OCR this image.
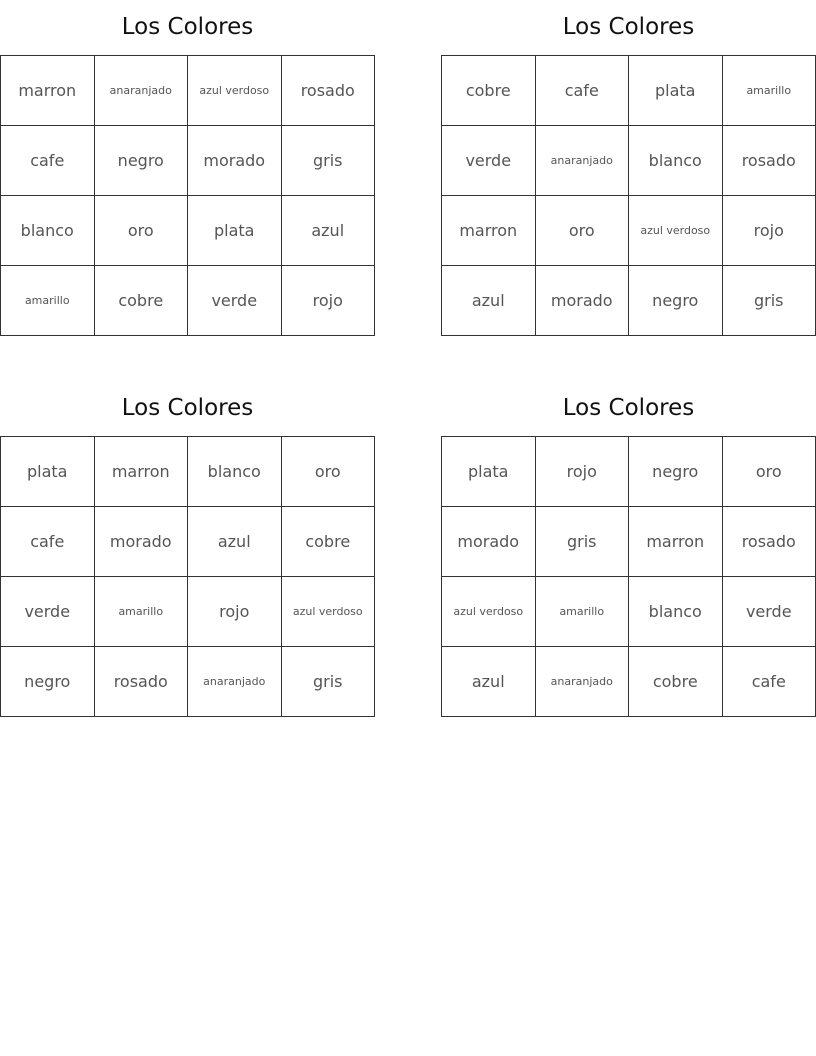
Los Colores
marron	anaranjado	azul verdoso	rosado
cafe	negro	morado	gris
blanco	oro	plata	azul
amarillo	cobre	verde	rojo
Los Colores
cobre	cafe	plata	amarillo
verde	anaranjado	blanco	rosado
marron	oro	azul verdoso	rojo
azul	morado	negro	gris
Los Colores
plata	marron	blanco	oro
cafe	morado	azul	cobre
verde	amarillo	rojo	azul verdoso
negro	rosado	anaranjado	gris
Los Colores
plata	rojo	negro	oro
morado	gris	marron	rosado
azul verdoso	amarillo	blanco	verde
azul	anaranjado	cobre	cafe
